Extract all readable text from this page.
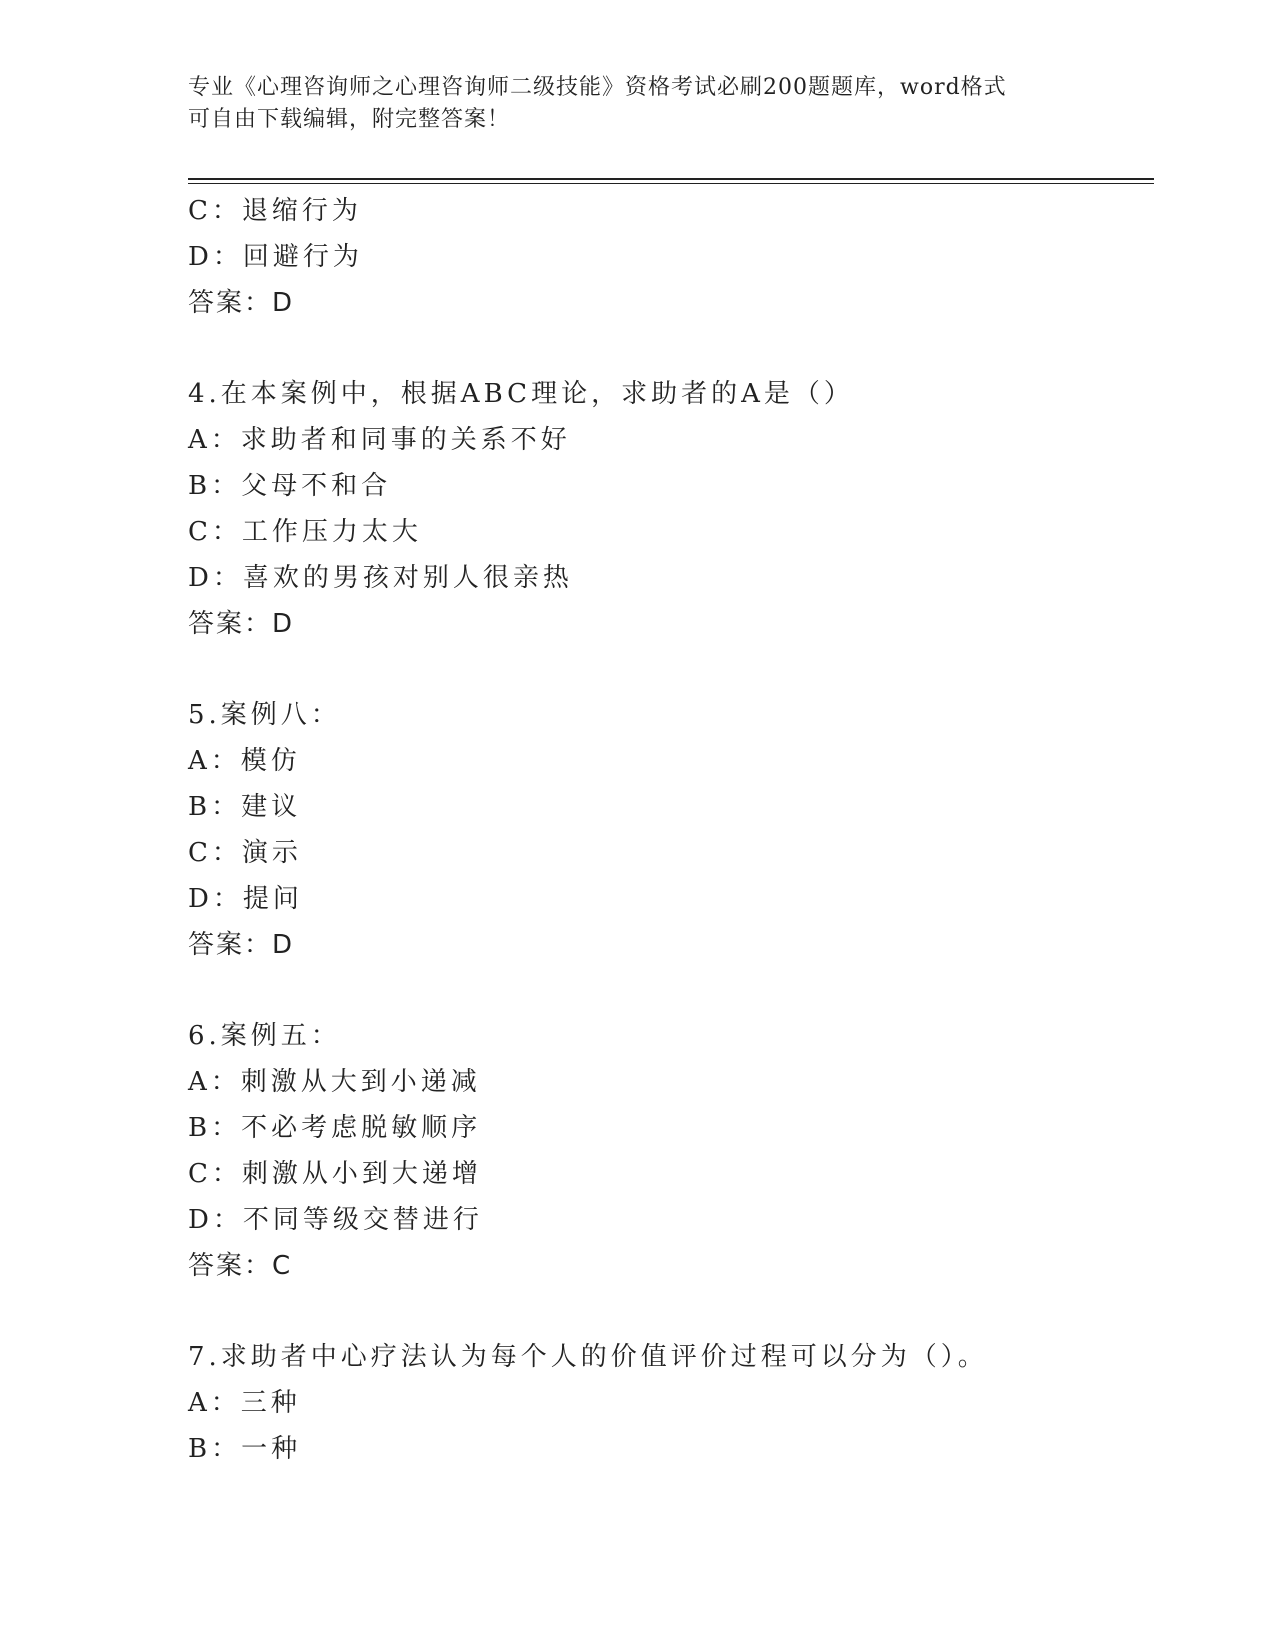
专业《心理咨询师之心理咨询师二级技能》资格考试必刷200题题库，word格式
可自由下载编辑，附完整答案！
C：退缩行为
D：回避行为
答案：D
4.在本案例中，根据ABC理论，求助者的A是（）
A：求助者和同事的关系不好
B：父母不和合
C：工作压力太大
D：喜欢的男孩对别人很亲热
答案：D
5.案例八：
A：模仿
B：建议
C：演示
D：提问
答案：D
6.案例五：
A：刺激从大到小递减
B：不必考虑脱敏顺序
C：刺激从小到大递增
D：不同等级交替进行
答案：C
7.求助者中心疗法认为每个人的价值评价过程可以分为（）。
A：三种
B：一种
